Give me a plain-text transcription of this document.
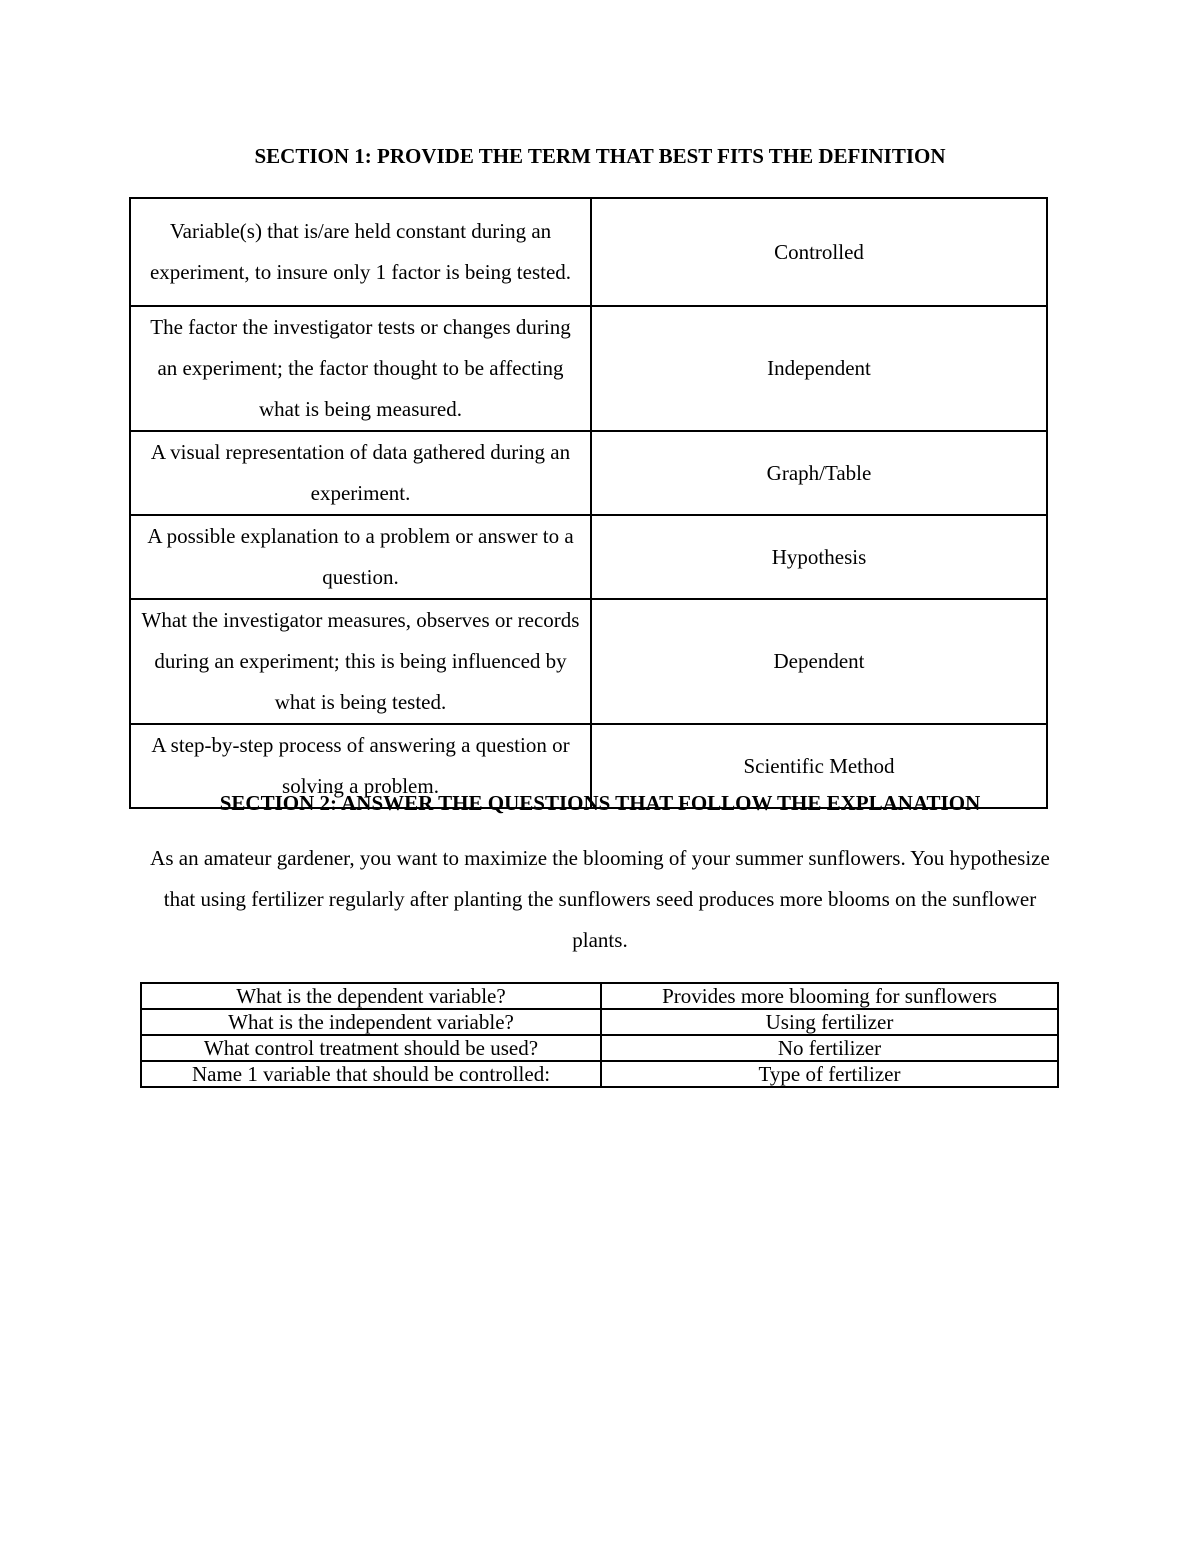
SECTION 1: PROVIDE THE TERM THAT BEST FITS THE DEFINITION
Variable(s) that is/are held constant during an experiment, to insure only 1 factor is being tested.	Controlled
The factor the investigator tests or changes during an experiment; the factor thought to be affecting what is being measured.	Independent
A visual representation of data gathered during an experiment.	Graph/Table
A possible explanation to a problem or answer to a question.	Hypothesis
What the investigator measures, observes or records during an experiment; this is being influenced by what is being tested.	Dependent
A step-by-step process of answering a question or solving a problem.	Scientific Method
SECTION 2: ANSWER THE QUESTIONS THAT FOLLOW THE EXPLANATION

As an amateur gardener, you want to maximize the blooming of your summer sunflowers. You hypothesize that using fertilizer regularly after planting the sunflowers seed produces more blooms on the sunflower plants.

What is the dependent variable?	Provides more blooming for sunflowers
What is the independent variable?	Using fertilizer
What control treatment should be used?	No fertilizer
Name 1 variable that should be controlled:	Type of fertilizer
